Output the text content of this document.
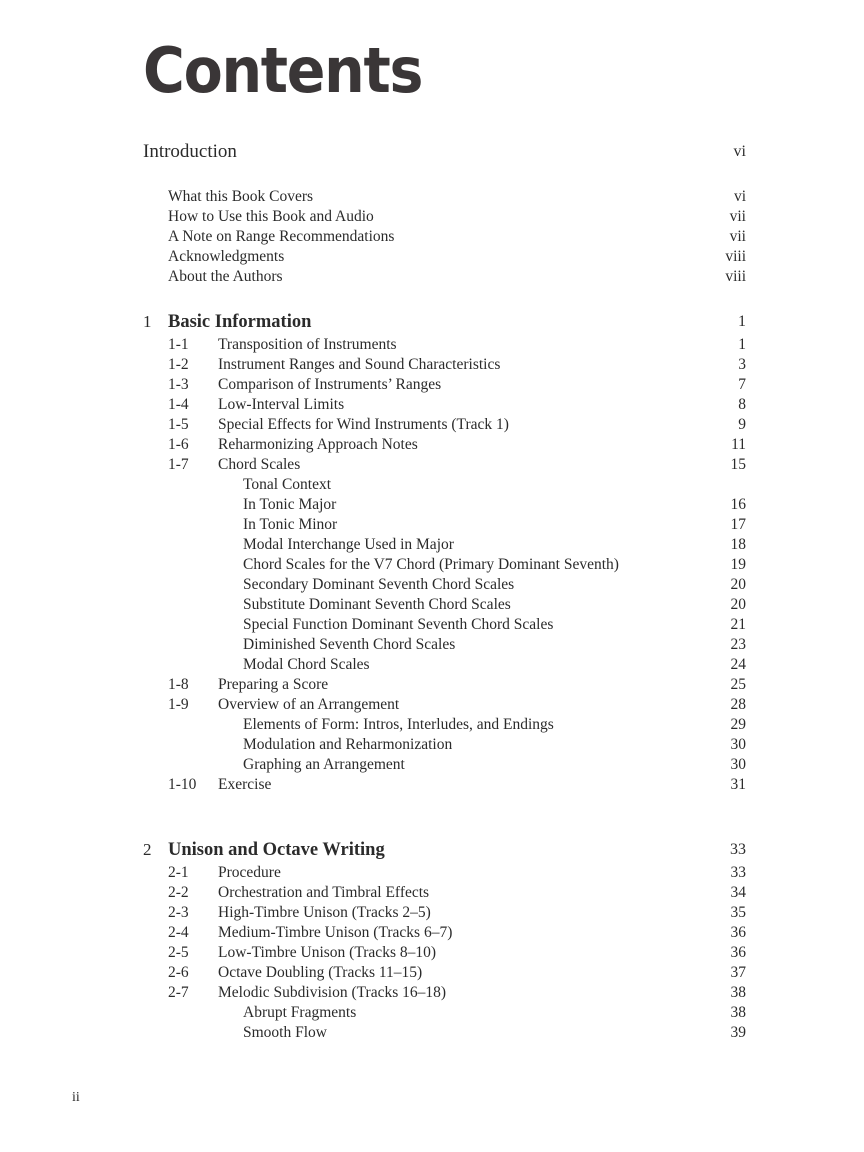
Contents
Introduction	vi
What this Book Covers	vi
How to Use this Book and Audio	vii
A Note on Range Recommendations	vii
Acknowledgments	viii
About the Authors	viii
1 Basic Information	1
1-1 Transposition of Instruments	1
1-2 Instrument Ranges and Sound Characteristics	3
1-3 Comparison of Instruments’ Ranges	7
1-4 Low-Interval Limits	8
1-5 Special Effects for Wind Instruments (Track 1)	9
1-6 Reharmonizing Approach Notes	11
1-7 Chord Scales	15
Tonal Context
In Tonic Major	16
In Tonic Minor	17
Modal Interchange Used in Major	18
Chord Scales for the V7 Chord (Primary Dominant Seventh)	19
Secondary Dominant Seventh Chord Scales	20
Substitute Dominant Seventh Chord Scales	20
Special Function Dominant Seventh Chord Scales	21
Diminished Seventh Chord Scales	23
Modal Chord Scales	24
1-8 Preparing a Score	25
1-9 Overview of an Arrangement	28
Elements of Form: Intros, Interludes, and Endings	29
Modulation and Reharmonization	30
Graphing an Arrangement	30
1-10 Exercise	31
2 Unison and Octave Writing	33
2-1 Procedure	33
2-2 Orchestration and Timbral Effects	34
2-3 High-Timbre Unison (Tracks 2–5)	35
2-4 Medium-Timbre Unison (Tracks 6–7)	36
2-5 Low-Timbre Unison (Tracks 8–10)	36
2-6 Octave Doubling (Tracks 11–15)	37
2-7 Melodic Subdivision (Tracks 16–18)	38
Abrupt Fragments	38
Smooth Flow	39
ii
